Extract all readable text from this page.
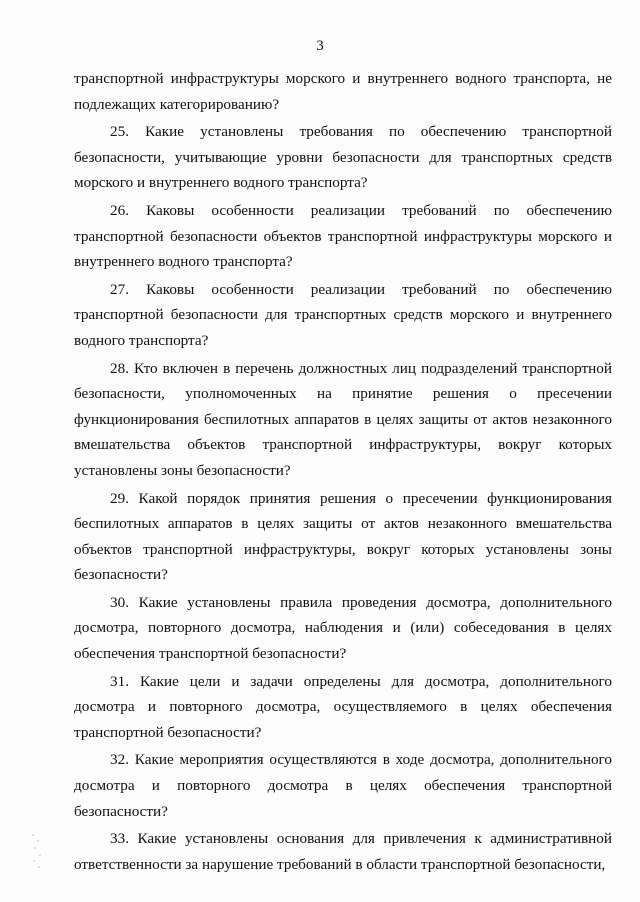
3

транспортной инфраструктуры морского и внутреннего водного транспорта, не подлежащих категорированию?

25. Какие установлены требования по обеспечению транспортной безопасности, учитывающие уровни безопасности для транспортных средств морского и внутреннего водного транспорта?

26. Каковы особенности реализации требований по обеспечению транспортной безопасности объектов транспортной инфраструктуры морского и внутреннего водного транспорта?

27. Каковы особенности реализации требований по обеспечению транспортной безопасности для транспортных средств морского и внутреннего водного транспорта?

28. Кто включен в перечень должностных лиц подразделений транспортной безопасности, уполномоченных на принятие решения о пресечении функционирования беспилотных аппаратов в целях защиты от актов незаконного вмешательства объектов транспортной инфраструктуры, вокруг которых установлены зоны безопасности?

29. Какой порядок принятия решения о пресечении функционирования беспилотных аппаратов в целях защиты от актов незаконного вмешательства объектов транспортной инфраструктуры, вокруг которых установлены зоны безопасности?

30. Какие установлены правила проведения досмотра, дополнительного досмотра, повторного досмотра, наблюдения и (или) собеседования в целях обеспечения транспортной безопасности?

31. Какие цели и задачи определены для досмотра, дополнительного досмотра и повторного досмотра, осуществляемого в целях обеспечения транспортной безопасности?

32. Какие мероприятия осуществляются в ходе досмотра, дополнительного досмотра и повторного досмотра в целях обеспечения транспортной безопасности?

33. Какие установлены основания для привлечения к административной ответственности за нарушение требований в области транспортной безопасности,
